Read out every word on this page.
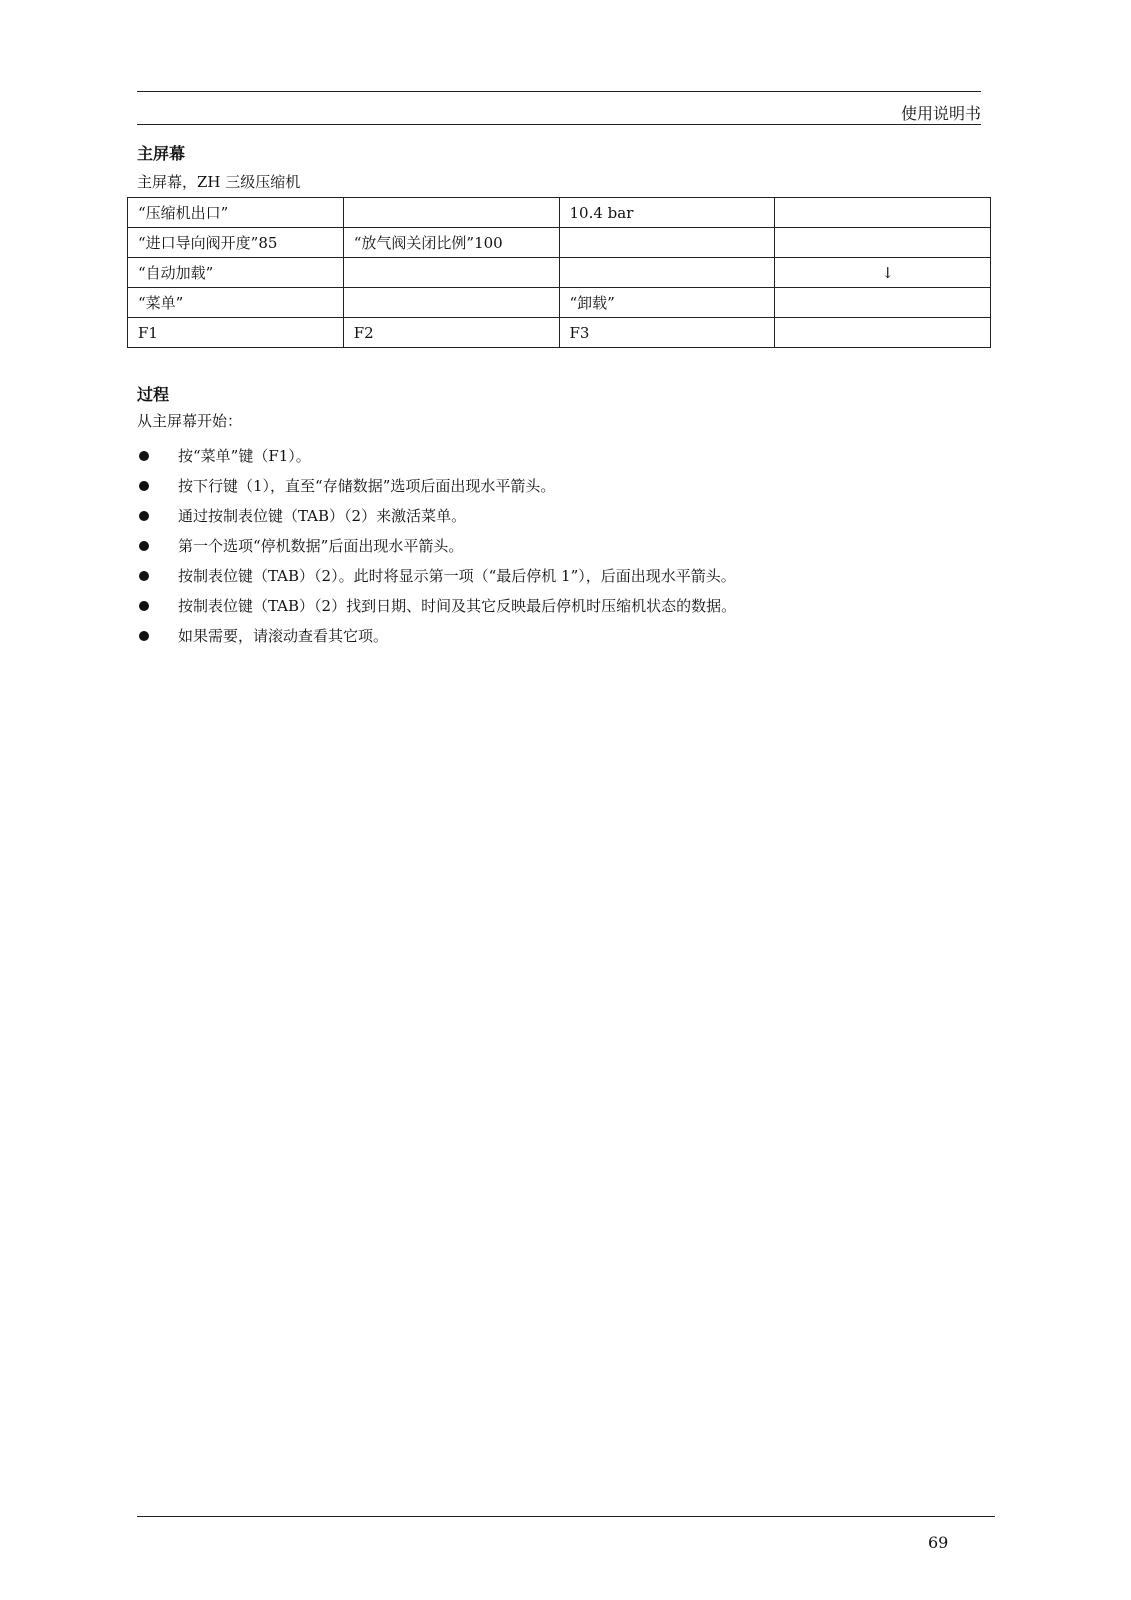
使用说明书
主屏幕
主屏幕，ZH 三级压缩机
“压缩机出口”		10.4 bar	
“进口导向阀开度”85	“放气阀关闭比例”100		
“自动加载”			↓
“菜单”		“卸载”	
F1	F2	F3	
过程
从主屏幕开始：
按“菜单”键（F1）。
按下行键（1），直至“存储数据”选项后面出现水平箭头。
通过按制表位键（TAB）（2）来激活菜单。
第一个选项“停机数据”后面出现水平箭头。
按制表位键（TAB）（2）。此时将显示第一项（“最后停机 1”），后面出现水平箭头。
按制表位键（TAB）（2）找到日期、时间及其它反映最后停机时压缩机状态的数据。
如果需要，请滚动查看其它项。
69
